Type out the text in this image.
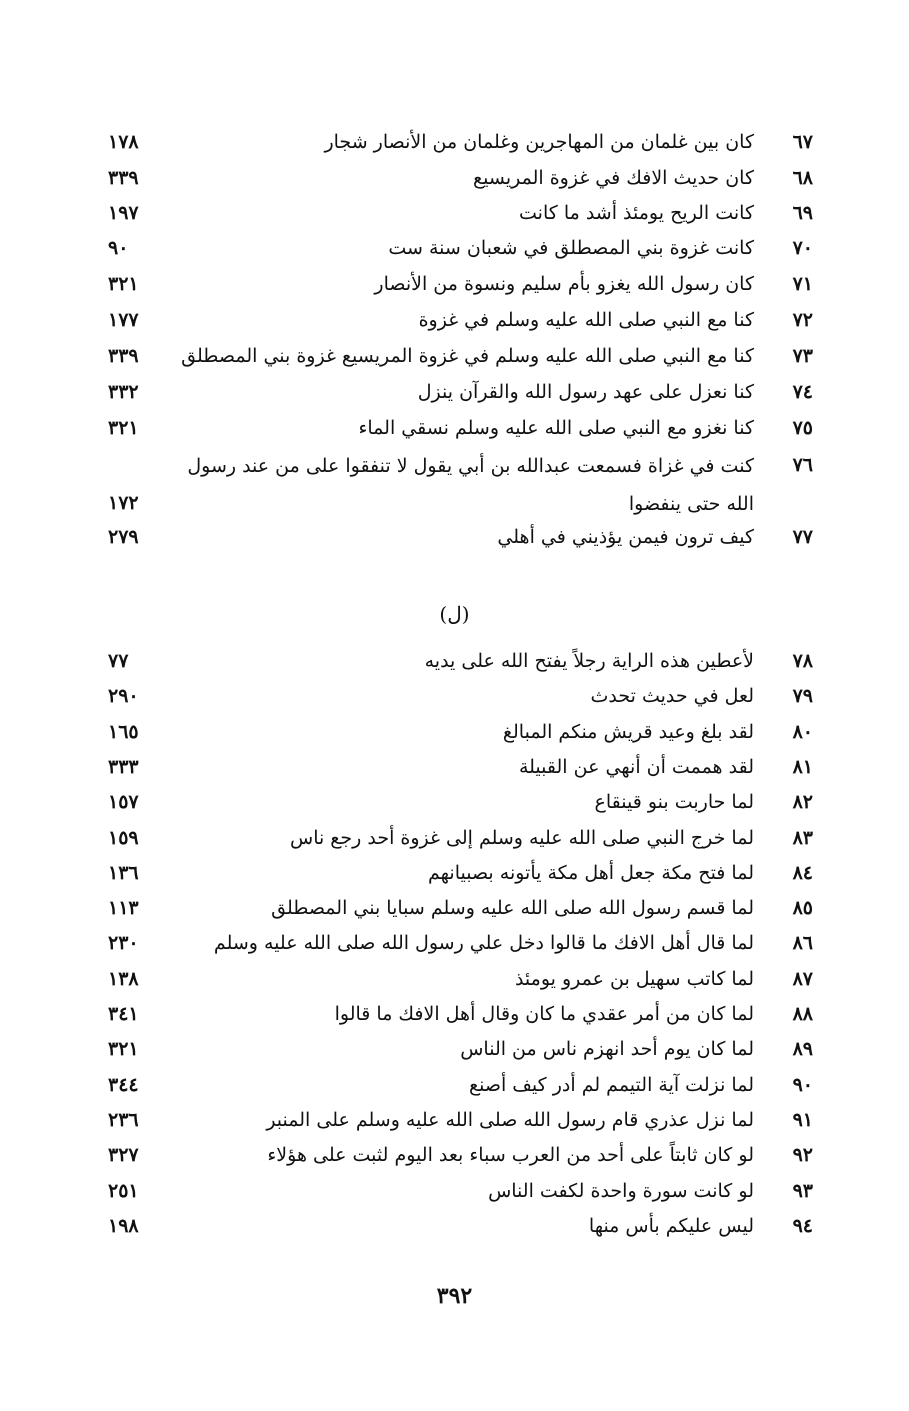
٦٧
كان بين غلمان من المهاجرين وغلمان من الأنصار شجار
١٧٨
٦٨
كان حديث الافك في غزوة المريسيع
٣٣٩
٦٩
كانت الريح يومئذ أشد ما كانت
١٩٧
٧٠
كانت غزوة بني المصطلق في شعبان سنة ست
٩٠
٧١
كان رسول الله يغزو بأم سليم ونسوة من الأنصار
٣٢١
٧٢
كنا مع النبي صلى الله عليه وسلم في غزوة
١٧٧
٧٣
كنا مع النبي صلى الله عليه وسلم في غزوة المريسيع غزوة بني المصطلق
٣٣٩
٧٤
كنا نعزل على عهد رسول الله والقرآن ينزل
٣٣٢
٧٥
كنا نغزو مع النبي صلى الله عليه وسلم نسقي الماء
٣٢١
٧٦
كنت في غزاة فسمعت عبدالله بن أبي يقول لا تنفقوا على من عند رسول الله حتى ينفضوا
١٧٢
٧٧
كيف ترون فيمن يؤذيني في أهلي
٢٧٩
(ل)
٧٨
لأعطين هذه الراية رجلاً يفتح الله على يديه
٧٧
٧٩
لعل في حديث تحدث
٢٩٠
٨٠
لقد بلغ وعيد قريش منكم المبالغ
١٦٥
٨١
لقد هممت أن أنهي عن القبيلة
٣٣٣
٨٢
لما حاربت بنو قينقاع
١٥٧
٨٣
لما خرج النبي صلى الله عليه وسلم إلى غزوة أحد رجع ناس
١٥٩
٨٤
لما فتح مكة جعل أهل مكة يأتونه بصبيانهم
١٣٦
٨٥
لما قسم رسول الله صلى الله عليه وسلم سبايا بني المصطلق
١١٣
٨٦
لما قال أهل الافك ما قالوا دخل علي رسول الله صلى الله عليه وسلم
٢٣٠
٨٧
لما كاتب سهيل بن عمرو يومئذ
١٣٨
٨٨
لما كان من أمر عقدي ما كان وقال أهل الافك ما قالوا
٣٤١
٨٩
لما كان يوم أحد انهزم ناس من الناس
٣٢١
٩٠
لما نزلت آية التيمم لم أدر كيف أصنع
٣٤٤
٩١
لما نزل عذري قام رسول الله صلى الله عليه وسلم على المنبر
٢٣٦
٩٢
لو كان ثابتاً على أحد من العرب سباء بعد اليوم لثبت على هؤلاء
٣٢٧
٩٣
لو كانت سورة واحدة لكفت الناس
٢٥١
٩٤
ليس عليكم بأس منها
١٩٨
٣٩٢
